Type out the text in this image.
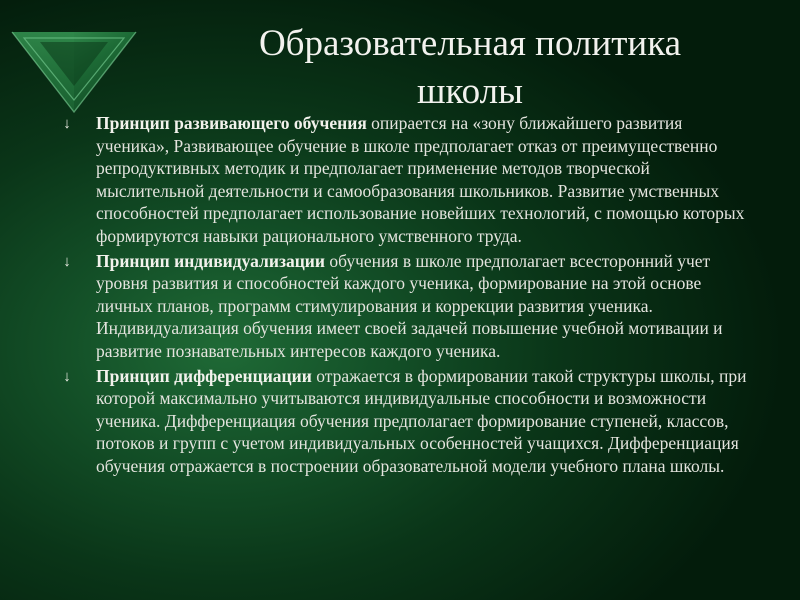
Образовательная политика
школы
↓ Принцип развивающего обучения опирается на «зону ближайшего развития ученика», Развивающее обучение в школе предполагает отказ от преимущественно репродуктивных методик и предполагает применение методов творческой мыслительной деятельности и самообразования школьников. Развитие умственных способностей предполагает использование новейших технологий, с помощью которых формируются навыки рационального умственного труда.
↓ Принцип индивидуализации обучения в школе предполагает всесторонний учет уровня развития и способностей каждого ученика, формирование на этой основе личных планов, программ стимулирования и коррекции развития ученика. Индивидуализация обучения имеет своей задачей повышение учебной мотивации и развитие познавательных интересов каждого ученика.
↓ Принцип дифференциации отражается в формировании такой структуры школы, при которой максимально учитываются индивидуальные способности и возможности ученика. Дифференциация обучения предполагает формирование ступеней, классов, потоков и групп с учетом индивидуальных особенностей учащихся. Дифференциация обучения отражается в построении образовательной модели учебного плана школы.
